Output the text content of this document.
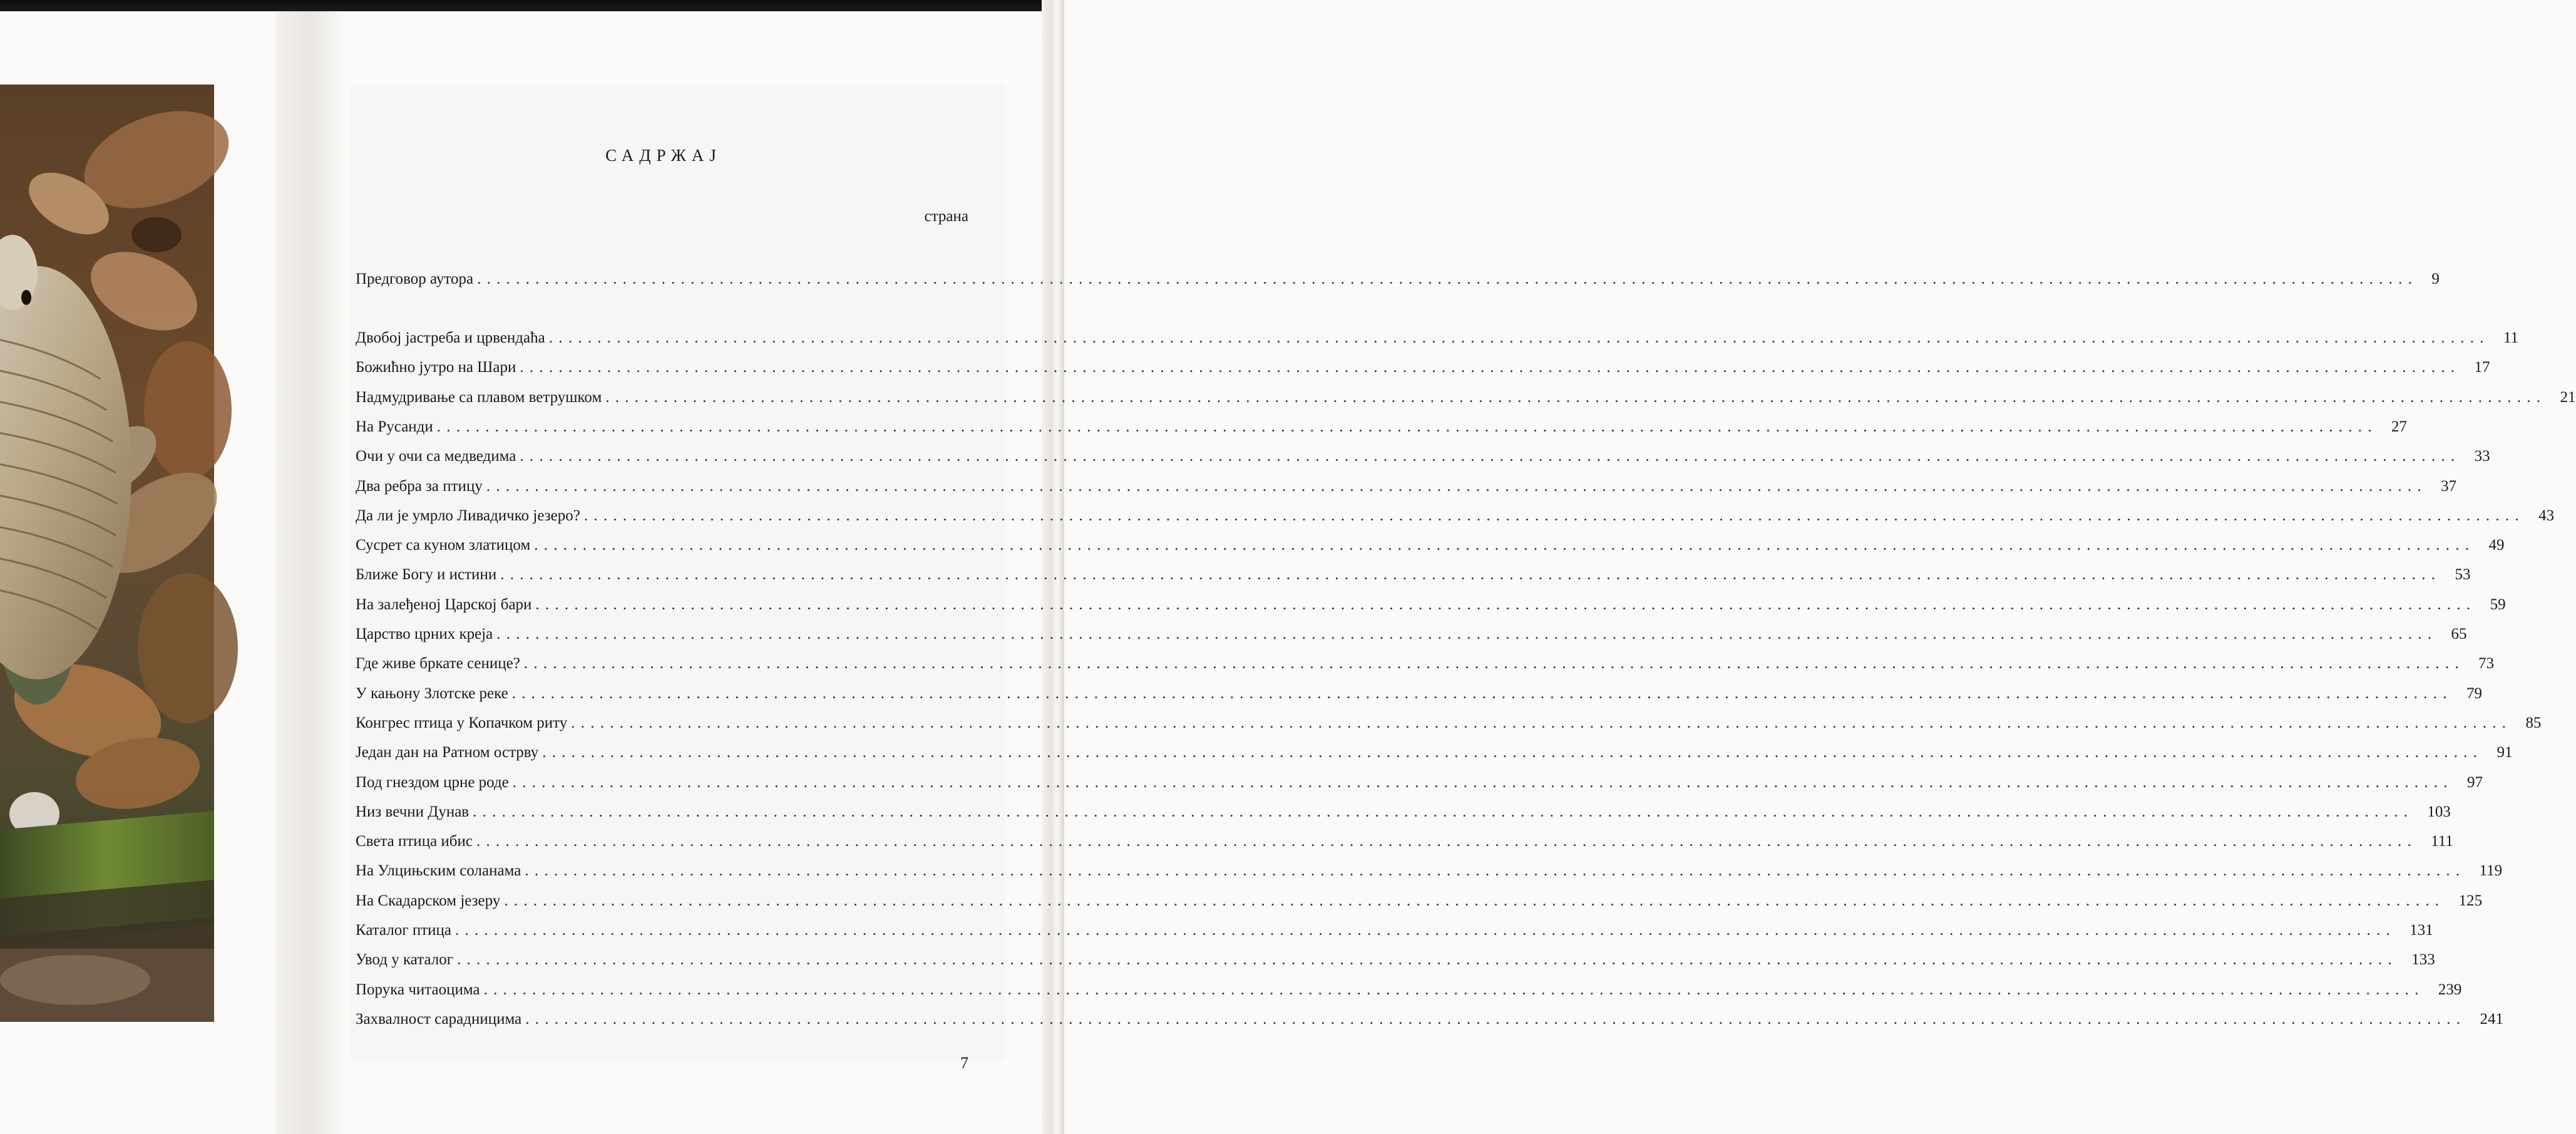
САДРЖАЈ
страна
Предговор аутора . . . . . . . . . . . . . . . . . . . . . . . . . . . . . . . . . . . . . . . . . . . . . . . . . . . . . . . . . . . . . . . . . . . . . . . . . . . . . . . . . . . . . . . . . . . . . . . . . . . . . . . . . . . . . . . . . . . . . . . . . . . . . . . . . . . . . . . . . . . . . . . . . . . . . . . . . . . . . . . . . . . . . . . . . . . . . . . . . . . . . . . . . . . . . . . . . . . . . . . . 9
Двобој јастреба и црвендаћа . . . . . . . . . . . . . . . . . . . . . . . . . . . . . . . . . . . . . . . . . . . . . . . . . . . . . . . . . . . . . . . . . . . . . . . . . . . . . . . . . . . . . . . . . . . . . . . . . . . . . . . . . . . . . . . . . . . . . . . . . . . . . . . . . . . . . . . . . . . . . . . . . . . . . . . . . . . . . . . . . . . . . . . . . . . . . . . . . . . . . . . . . . . . . . . . . . . . . . . . 11
Божићно јутро на Шари . . . . . . . . . . . . . . . . . . . . . . . . . . . . . . . . . . . . . . . . . . . . . . . . . . . . . . . . . . . . . . . . . . . . . . . . . . . . . . . . . . . . . . . . . . . . . . . . . . . . . . . . . . . . . . . . . . . . . . . . . . . . . . . . . . . . . . . . . . . . . . . . . . . . . . . . . . . . . . . . . . . . . . . . . . . . . . . . . . . . . . . . . . . . . . . . . . . . . . . . 17
Надмудривање са плавом ветрушком . . . . . . . . . . . . . . . . . . . . . . . . . . . . . . . . . . . . . . . . . . . . . . . . . . . . . . . . . . . . . . . . . . . . . . . . . . . . . . . . . . . . . . . . . . . . . . . . . . . . . . . . . . . . . . . . . . . . . . . . . . . . . . . . . . . . . . . . . . . . . . . . . . . . . . . . . . . . . . . . . . . . . . . . . . . . . . . . . . . . . . . . . . . . . . . . . . . . . . . . 21
На Русанди . . . . . . . . . . . . . . . . . . . . . . . . . . . . . . . . . . . . . . . . . . . . . . . . . . . . . . . . . . . . . . . . . . . . . . . . . . . . . . . . . . . . . . . . . . . . . . . . . . . . . . . . . . . . . . . . . . . . . . . . . . . . . . . . . . . . . . . . . . . . . . . . . . . . . . . . . . . . . . . . . . . . . . . . . . . . . . . . . . . . . . . . . . . . . . . . . . . . . . . . 27
Очи у очи са медведима . . . . . . . . . . . . . . . . . . . . . . . . . . . . . . . . . . . . . . . . . . . . . . . . . . . . . . . . . . . . . . . . . . . . . . . . . . . . . . . . . . . . . . . . . . . . . . . . . . . . . . . . . . . . . . . . . . . . . . . . . . . . . . . . . . . . . . . . . . . . . . . . . . . . . . . . . . . . . . . . . . . . . . . . . . . . . . . . . . . . . . . . . . . . . . . . . . . . . . . . 33
Два ребра за птицу . . . . . . . . . . . . . . . . . . . . . . . . . . . . . . . . . . . . . . . . . . . . . . . . . . . . . . . . . . . . . . . . . . . . . . . . . . . . . . . . . . . . . . . . . . . . . . . . . . . . . . . . . . . . . . . . . . . . . . . . . . . . . . . . . . . . . . . . . . . . . . . . . . . . . . . . . . . . . . . . . . . . . . . . . . . . . . . . . . . . . . . . . . . . . . . . . . . . . . . . 37
Да ли је умрло Ливадичко језеро? . . . . . . . . . . . . . . . . . . . . . . . . . . . . . . . . . . . . . . . . . . . . . . . . . . . . . . . . . . . . . . . . . . . . . . . . . . . . . . . . . . . . . . . . . . . . . . . . . . . . . . . . . . . . . . . . . . . . . . . . . . . . . . . . . . . . . . . . . . . . . . . . . . . . . . . . . . . . . . . . . . . . . . . . . . . . . . . . . . . . . . . . . . . . . . . . . . . . . . . . 43
Сусрет са куном златицом . . . . . . . . . . . . . . . . . . . . . . . . . . . . . . . . . . . . . . . . . . . . . . . . . . . . . . . . . . . . . . . . . . . . . . . . . . . . . . . . . . . . . . . . . . . . . . . . . . . . . . . . . . . . . . . . . . . . . . . . . . . . . . . . . . . . . . . . . . . . . . . . . . . . . . . . . . . . . . . . . . . . . . . . . . . . . . . . . . . . . . . . . . . . . . . . . . . . . . . . 49
Ближе Богу и истини . . . . . . . . . . . . . . . . . . . . . . . . . . . . . . . . . . . . . . . . . . . . . . . . . . . . . . . . . . . . . . . . . . . . . . . . . . . . . . . . . . . . . . . . . . . . . . . . . . . . . . . . . . . . . . . . . . . . . . . . . . . . . . . . . . . . . . . . . . . . . . . . . . . . . . . . . . . . . . . . . . . . . . . . . . . . . . . . . . . . . . . . . . . . . . . . . . . . . . . . 53
На залеђеној Царској бари . . . . . . . . . . . . . . . . . . . . . . . . . . . . . . . . . . . . . . . . . . . . . . . . . . . . . . . . . . . . . . . . . . . . . . . . . . . . . . . . . . . . . . . . . . . . . . . . . . . . . . . . . . . . . . . . . . . . . . . . . . . . . . . . . . . . . . . . . . . . . . . . . . . . . . . . . . . . . . . . . . . . . . . . . . . . . . . . . . . . . . . . . . . . . . . . . . . . . . . . 59
Царство црних креја . . . . . . . . . . . . . . . . . . . . . . . . . . . . . . . . . . . . . . . . . . . . . . . . . . . . . . . . . . . . . . . . . . . . . . . . . . . . . . . . . . . . . . . . . . . . . . . . . . . . . . . . . . . . . . . . . . . . . . . . . . . . . . . . . . . . . . . . . . . . . . . . . . . . . . . . . . . . . . . . . . . . . . . . . . . . . . . . . . . . . . . . . . . . . . . . . . . . . . . . 65
Где живе бркате сенице? . . . . . . . . . . . . . . . . . . . . . . . . . . . . . . . . . . . . . . . . . . . . . . . . . . . . . . . . . . . . . . . . . . . . . . . . . . . . . . . . . . . . . . . . . . . . . . . . . . . . . . . . . . . . . . . . . . . . . . . . . . . . . . . . . . . . . . . . . . . . . . . . . . . . . . . . . . . . . . . . . . . . . . . . . . . . . . . . . . . . . . . . . . . . . . . . . . . . . . . . 73
У кањону Злотске реке . . . . . . . . . . . . . . . . . . . . . . . . . . . . . . . . . . . . . . . . . . . . . . . . . . . . . . . . . . . . . . . . . . . . . . . . . . . . . . . . . . . . . . . . . . . . . . . . . . . . . . . . . . . . . . . . . . . . . . . . . . . . . . . . . . . . . . . . . . . . . . . . . . . . . . . . . . . . . . . . . . . . . . . . . . . . . . . . . . . . . . . . . . . . . . . . . . . . . . . . 79
Конгрес птица у Копачком риту . . . . . . . . . . . . . . . . . . . . . . . . . . . . . . . . . . . . . . . . . . . . . . . . . . . . . . . . . . . . . . . . . . . . . . . . . . . . . . . . . . . . . . . . . . . . . . . . . . . . . . . . . . . . . . . . . . . . . . . . . . . . . . . . . . . . . . . . . . . . . . . . . . . . . . . . . . . . . . . . . . . . . . . . . . . . . . . . . . . . . . . . . . . . . . . . . . . . . . . . 85
Један дан на Ратном острву . . . . . . . . . . . . . . . . . . . . . . . . . . . . . . . . . . . . . . . . . . . . . . . . . . . . . . . . . . . . . . . . . . . . . . . . . . . . . . . . . . . . . . . . . . . . . . . . . . . . . . . . . . . . . . . . . . . . . . . . . . . . . . . . . . . . . . . . . . . . . . . . . . . . . . . . . . . . . . . . . . . . . . . . . . . . . . . . . . . . . . . . . . . . . . . . . . . . . . . . 91
Под гнездом црне роде . . . . . . . . . . . . . . . . . . . . . . . . . . . . . . . . . . . . . . . . . . . . . . . . . . . . . . . . . . . . . . . . . . . . . . . . . . . . . . . . . . . . . . . . . . . . . . . . . . . . . . . . . . . . . . . . . . . . . . . . . . . . . . . . . . . . . . . . . . . . . . . . . . . . . . . . . . . . . . . . . . . . . . . . . . . . . . . . . . . . . . . . . . . . . . . . . . . . . . . . 97
Низ вечни Дунав . . . . . . . . . . . . . . . . . . . . . . . . . . . . . . . . . . . . . . . . . . . . . . . . . . . . . . . . . . . . . . . . . . . . . . . . . . . . . . . . . . . . . . . . . . . . . . . . . . . . . . . . . . . . . . . . . . . . . . . . . . . . . . . . . . . . . . . . . . . . . . . . . . . . . . . . . . . . . . . . . . . . . . . . . . . . . . . . . . . . . . . . . . . . . . . . . . . . . . . . 103
Света птица ибис . . . . . . . . . . . . . . . . . . . . . . . . . . . . . . . . . . . . . . . . . . . . . . . . . . . . . . . . . . . . . . . . . . . . . . . . . . . . . . . . . . . . . . . . . . . . . . . . . . . . . . . . . . . . . . . . . . . . . . . . . . . . . . . . . . . . . . . . . . . . . . . . . . . . . . . . . . . . . . . . . . . . . . . . . . . . . . . . . . . . . . . . . . . . . . . . . . . . . . . . 111
На Улцињским соланама . . . . . . . . . . . . . . . . . . . . . . . . . . . . . . . . . . . . . . . . . . . . . . . . . . . . . . . . . . . . . . . . . . . . . . . . . . . . . . . . . . . . . . . . . . . . . . . . . . . . . . . . . . . . . . . . . . . . . . . . . . . . . . . . . . . . . . . . . . . . . . . . . . . . . . . . . . . . . . . . . . . . . . . . . . . . . . . . . . . . . . . . . . . . . . . . . . . . . . . . 119
На Скадарском језеру . . . . . . . . . . . . . . . . . . . . . . . . . . . . . . . . . . . . . . . . . . . . . . . . . . . . . . . . . . . . . . . . . . . . . . . . . . . . . . . . . . . . . . . . . . . . . . . . . . . . . . . . . . . . . . . . . . . . . . . . . . . . . . . . . . . . . . . . . . . . . . . . . . . . . . . . . . . . . . . . . . . . . . . . . . . . . . . . . . . . . . . . . . . . . . . . . . . . . . . . 125
Каталог птица . . . . . . . . . . . . . . . . . . . . . . . . . . . . . . . . . . . . . . . . . . . . . . . . . . . . . . . . . . . . . . . . . . . . . . . . . . . . . . . . . . . . . . . . . . . . . . . . . . . . . . . . . . . . . . . . . . . . . . . . . . . . . . . . . . . . . . . . . . . . . . . . . . . . . . . . . . . . . . . . . . . . . . . . . . . . . . . . . . . . . . . . . . . . . . . . . . . . . . . . 131
Увод у каталог . . . . . . . . . . . . . . . . . . . . . . . . . . . . . . . . . . . . . . . . . . . . . . . . . . . . . . . . . . . . . . . . . . . . . . . . . . . . . . . . . . . . . . . . . . . . . . . . . . . . . . . . . . . . . . . . . . . . . . . . . . . . . . . . . . . . . . . . . . . . . . . . . . . . . . . . . . . . . . . . . . . . . . . . . . . . . . . . . . . . . . . . . . . . . . . . . . . . . . . . 133
Порука читаоцима . . . . . . . . . . . . . . . . . . . . . . . . . . . . . . . . . . . . . . . . . . . . . . . . . . . . . . . . . . . . . . . . . . . . . . . . . . . . . . . . . . . . . . . . . . . . . . . . . . . . . . . . . . . . . . . . . . . . . . . . . . . . . . . . . . . . . . . . . . . . . . . . . . . . . . . . . . . . . . . . . . . . . . . . . . . . . . . . . . . . . . . . . . . . . . . . . . . . . . . . 239
Захвалност сарадницима . . . . . . . . . . . . . . . . . . . . . . . . . . . . . . . . . . . . . . . . . . . . . . . . . . . . . . . . . . . . . . . . . . . . . . . . . . . . . . . . . . . . . . . . . . . . . . . . . . . . . . . . . . . . . . . . . . . . . . . . . . . . . . . . . . . . . . . . . . . . . . . . . . . . . . . . . . . . . . . . . . . . . . . . . . . . . . . . . . . . . . . . . . . . . . . . . . . . . . . . 241
7
